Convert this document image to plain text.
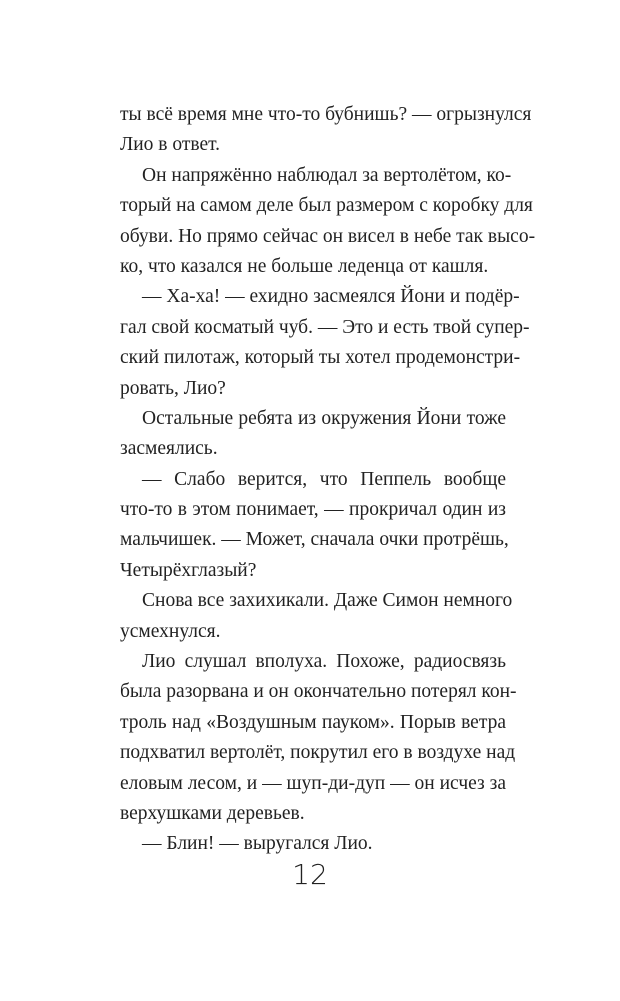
ты всё время мне что-то бубнишь? — огрызнулся
Лио в ответ.
Он напряжённо наблюдал за вертолётом, ко-
торый на самом деле был размером с коробку для
обуви. Но прямо сейчас он висел в небе так высо-
ко, что казался не больше леденца от кашля.
— Ха-ха! — ехидно засмеялся Йони и подёр-
гал свой косматый чуб. — Это и есть твой супер-
ский пилотаж, который ты хотел продемонстри-
ровать, Лио?
Остальные ребята из окружения Йони тоже
засмеялись.
— Слабо верится, что Пеппель вообще
что-то в этом понимает, — прокричал один из
мальчишек. — Может, сначала очки протрёшь,
Четырёхглазый?
Снова все захихикали. Даже Симон немного
усмехнулся.
Лио слушал вполуха. Похоже, радиосвязь
была разорвана и он окончательно потерял кон-
троль над «Воздушным пауком». Порыв ветра
подхватил вертолёт, покрутил его в воздухе над
еловым лесом, и — шуп-ди-дуп — он исчез за
верхушками деревьев.
— Блин! — выругался Лио.
12
